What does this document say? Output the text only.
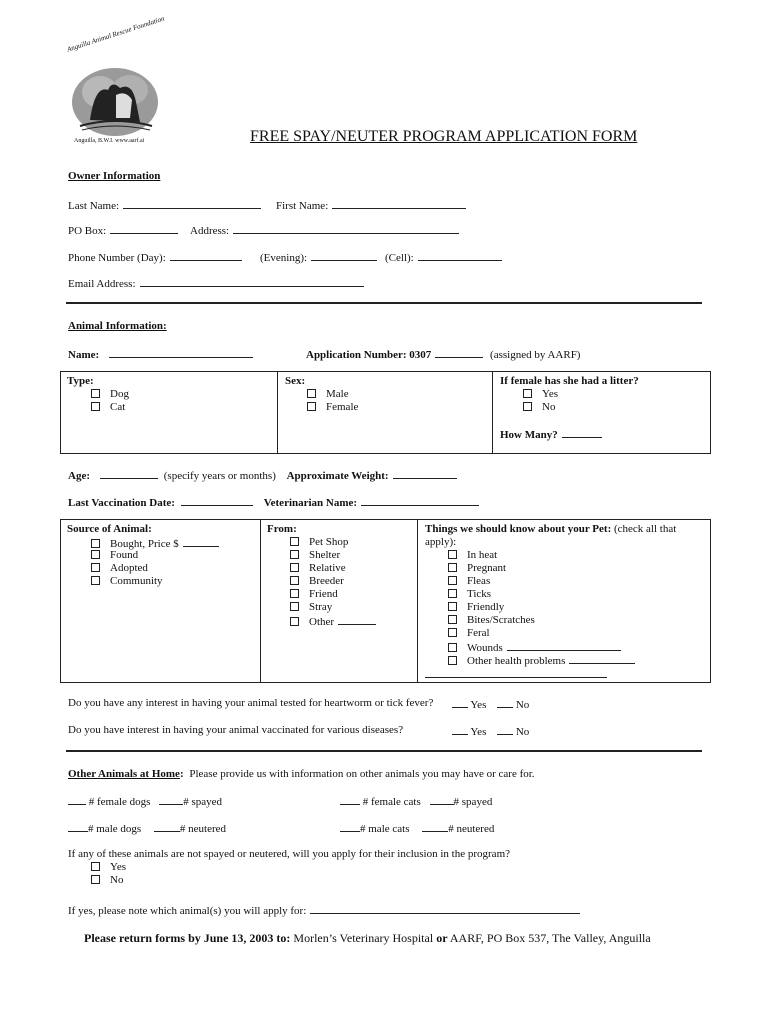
Anguilla Animal Rescue Foundation
Anguilla, B.W.I. www.aarf.ai	FREE SPAY/NEUTER PROGRAM APPLICATION FORM
Owner Information
Last Name:	First Name:
PO Box:	Address:
Phone Number (Day):	(Evening):	(Cell):
Email Address:
Animal Information:
Name:	Application Number: 0307	(assigned by AARF)
Type:
Dog
Cat
Sex:
Male
Female
If female has she had a litter?
Yes
No
How Many?
Age:	(specify years or months) Approximate Weight:
Last Vaccination Date:	Veterinarian Name:
Source of Animal:
Bought, Price $
Found
Adopted
Community
From:
Pet Shop
Shelter
Relative
Breeder
Friend
Stray
Other
Things we should know about your Pet: (check all that
apply):
In heat
Pregnant
Fleas
Ticks
Friendly
Bites/Scratches
Feral
Wounds
Other health problems
Do you have any interest in having your animal tested for heartworm or tick fever?	Yes	No
Do you have interest in having your animal vaccinated for various diseases?	Yes	No
Other Animals at Home: Please provide us with information on other animals you may have or care for.
# female dogs	# spayed	# female cats	# spayed
# male dogs	# neutered	# male cats	# neutered
If any of these animals are not spayed or neutered, will you apply for their inclusion in the program?
Yes
No
If yes, please note which animal(s) you will apply for:
Please return forms by June 13, 2003 to: Morlen’s Veterinary Hospital or AARF, PO Box 537, The Valley, Anguilla
